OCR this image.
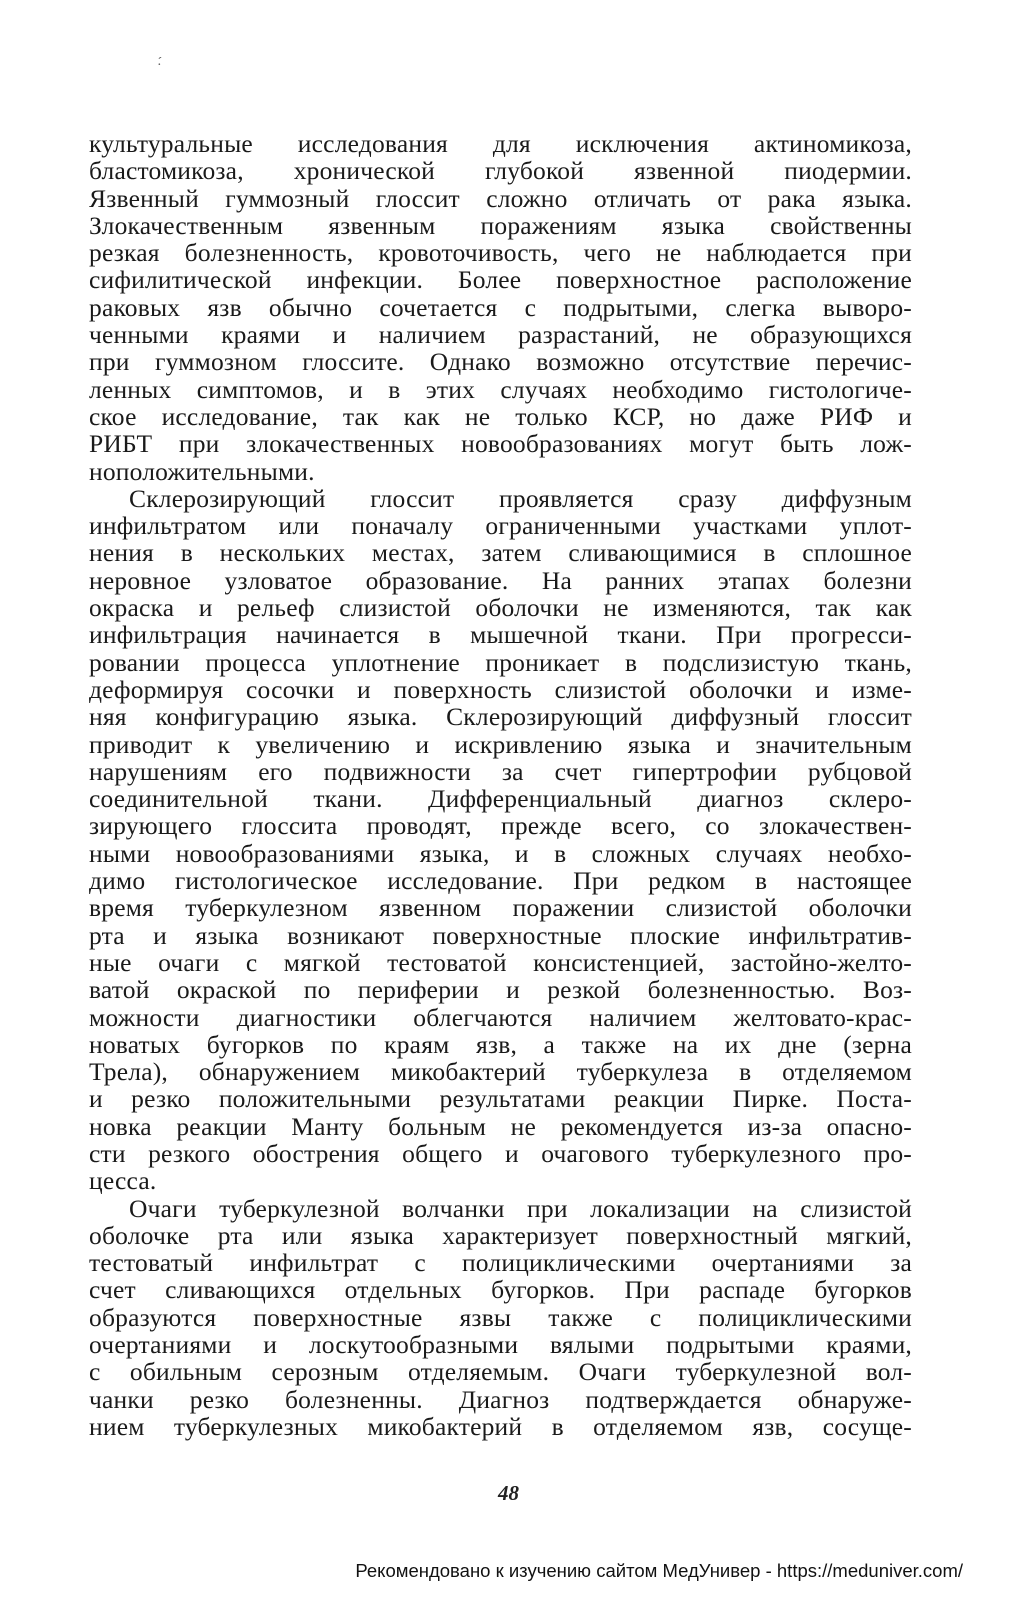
·́
культуральные исследования для исключения актиномикоза,
бластомикоза, хронической глубокой язвенной пиодермии.
Язвенный гуммозный глоссит сложно отличать от рака языка.
Злокачественным язвенным поражениям языка свойственны
резкая болезненность, кровоточивость, чего не наблюдается при
сифилитической инфекции. Более поверхностное расположение
раковых язв обычно сочетается с подрытыми, слегка выворо-
ченными краями и наличием разрастаний, не образующихся
при гуммозном глоссите. Однако возможно отсутствие перечис-
ленных симптомов, и в этих случаях необходимо гистологиче-
ское исследование, так как не только КСР, но даже РИФ и
РИБТ при злокачественных новообразованиях могут быть лож-
ноположительными.
Склерозирующий глоссит проявляется сразу диффузным
инфильтратом или поначалу ограниченными участками уплот-
нения в нескольких местах, затем сливающимися в сплошное
неровное узловатое образование. На ранних этапах болезни
окраска и рельеф слизистой оболочки не изменяются, так как
инфильтрация начинается в мышечной ткани. При прогресси-
ровании процесса уплотнение проникает в подслизистую ткань,
деформируя сосочки и поверхность слизистой оболочки и изме-
няя конфигурацию языка. Склерозирующий диффузный глоссит
приводит к увеличению и искривлению языка и значительным
нарушениям его подвижности за счет гипертрофии рубцовой
соединительной ткани. Дифференциальный диагноз склеро-
зирующего глоссита проводят, прежде всего, со злокачествен-
ными новообразованиями языка, и в сложных случаях необхо-
димо гистологическое исследование. При редком в настоящее
время туберкулезном язвенном поражении слизистой оболочки
рта и языка возникают поверхностные плоские инфильтратив-
ные очаги с мягкой тестоватой консистенцией, застойно-желто-
ватой окраской по периферии и резкой болезненностью. Воз-
можности диагностики облегчаются наличием желтовато-крас-
новатых бугорков по краям язв, а также на их дне (зерна
Трела), обнаружением микобактерий туберкулеза в отделяемом
и резко положительными результатами реакции Пирке. Поста-
новка реакции Манту больным не рекомендуется из-за опасно-
сти резкого обострения общего и очагового туберкулезного про-
цесса.
Очаги туберкулезной волчанки при локализации на слизистой
оболочке рта или языка характеризует поверхностный мягкий,
тестоватый инфильтрат с полициклическими очертаниями за
счет сливающихся отдельных бугорков. При распаде бугорков
образуются поверхностные язвы также с полициклическими
очертаниями и лоскутообразными вялыми подрытыми краями,
с обильным серозным отделяемым. Очаги туберкулезной вол-
чанки резко болезненны. Диагноз подтверждается обнаруже-
нием туберкулезных микобактерий в отделяемом язв, сосуще-
48
Рекомендовано к изучению сайтом МедУнивер - https://meduniver.com/
